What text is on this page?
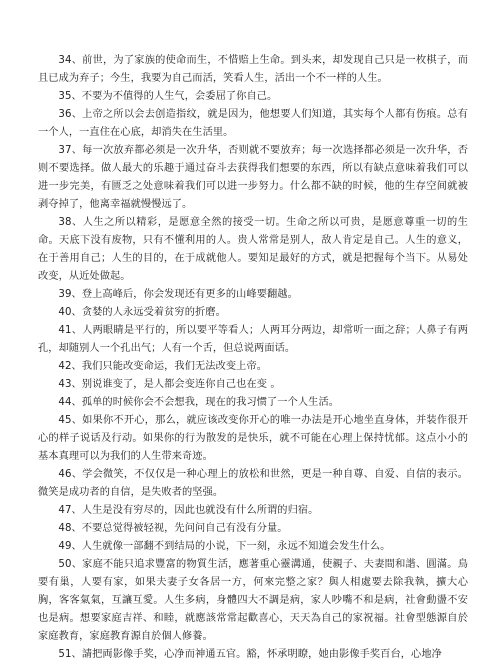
34、前世，为了家族的使命而生，不惜赔上生命。到头来，却发现自己只是一枚棋子，而且已成为弃子；今生，我要为自己而活，笑看人生，活出一个不一样的人生。

35、不要为不值得的人生气，会委屈了你自己。

36、上帝之所以会去创造指纹，就是因为，他想要人们知道，其实每个人都有伤痕。总有一个人，一直住在心底，却消失在生活里。

37、每一次放弃都必须是一次升华，否则就不要放弃；每一次选择都必须是一次升华，否则不要选择。做人最大的乐趣于通过奋斗去获得我们想要的东西，所以有缺点意味着我们可以进一步完美，有匮乏之处意味着我们可以进一步努力。什么都不缺的时候，他的生存空间就被剥夺掉了，他离幸福就慢慢远了。

38、人生之所以精彩，是愿意全然的接受一切。生命之所以可贵，是愿意尊重一切的生命。天底下没有废物，只有不懂利用的人。贵人常常是别人，敌人肯定是自己。人生的意义，在于善用自己；人生的目的，在于成就他人。要知足最好的方式，就是把握每个当下。从易处改变，从近处做起。

39、登上高峰后，你会发现还有更多的山峰要翻越。

40、贪婪的人永远受着贫穷的折磨。

41、人两眼睛是平行的，所以要平等看人；人两耳分两边，却常听一面之辞；人鼻子有两孔，却随别人一个孔出气；人有一个舌，但总说两面话。

42、我们只能改变命运，我们无法改变上帝。

43、别说谁变了，是人都会变连你自己也在变 。

44、孤单的时候你会不会想我，现在的我习惯了一个人生活。

45、如果你不开心，那么，就应该改变你开心的唯一办法是开心地坐直身体，并装作很开心的样子说话及行动。如果你的行为散发的是快乐，就不可能在心理上保持忧郁。这点小小的基本真理可以为我们的人生带来奇迹。

46、学会微笑，不仅仅是一种心理上的放松和世然，更是一种自尊、自爱、自信的表示。微笑是成功者的自信，是失败者的坚强。

47、人生是没有穷尽的，因此也就没有什么所谓的归宿。

48、不要总觉得被轻视，先问问自己有没有分量。

49、人生就像一部翻不到结局的小说，下一刻，永远不知道会发生什么。

50、家庭不能只追求豐富的物質生活，應著重心靈溝通，使親子、夫妻間和諧、圓滿。鳥要有巢，人要有家，如果夫妻子女各居一方，何來完整之家？與人相處要去除我執，擴大心胸，客客氣氣，互讓互愛。人生多病，身體四大不調是病，家人吵嘴不和是病，社會動盪不安也是病。想要家庭吉祥、和睦，就應該常常起歡喜心，天天為自己的家祝福。社會型態源自於家庭教育，家庭教育源自於個人修養。

51、請把両影像手奖，心净而神通五官。豁，怀承明瞭，她由影像手奖百台，心地净
